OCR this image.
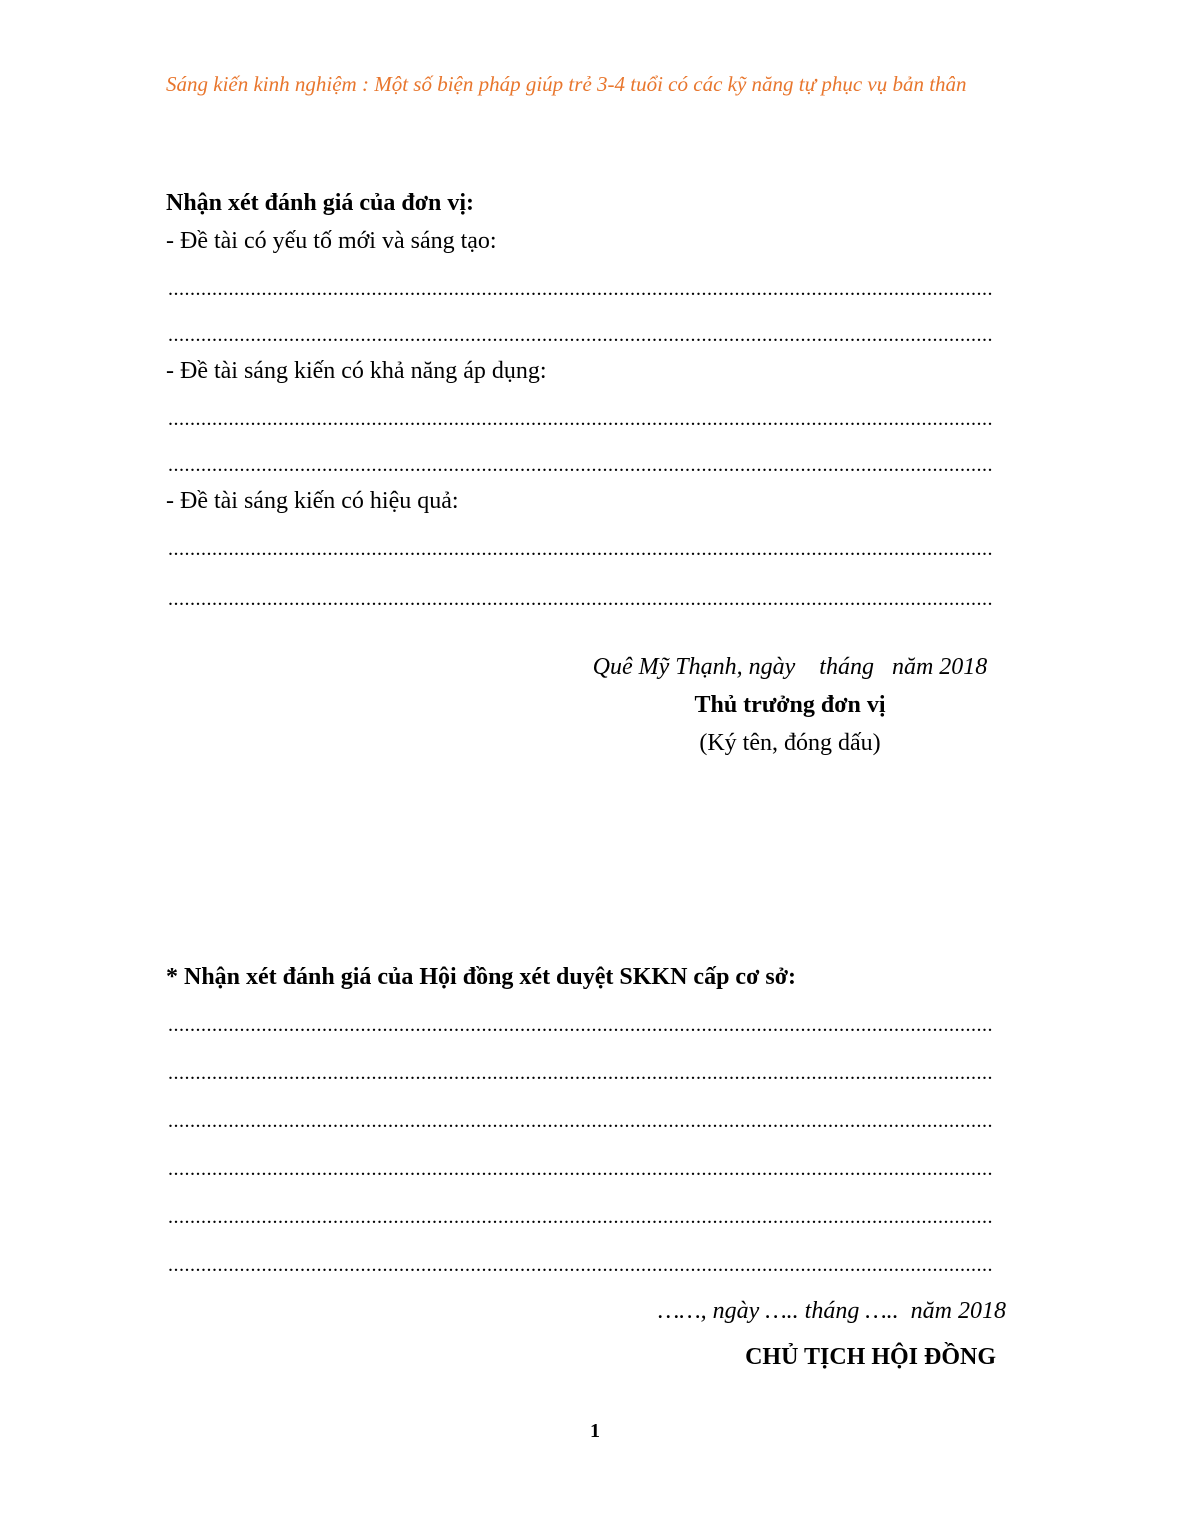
Sáng kiến kinh nghiệm : Một số biện pháp giúp trẻ 3-4 tuổi có các kỹ năng tự phục vụ bản thân
Nhận xét đánh giá của đơn vị:
- Đề tài có yếu tố mới và sáng tạo:
.....
.....
- Đề tài sáng kiến có khả năng áp dụng:
.....
.....
- Đề tài sáng kiến có hiệu quả:
.....
.....
Quê Mỹ Thạnh, ngày    tháng   năm 2018
Thủ trưởng đơn vị
(Ký tên, đóng dấu)
* Nhận xét đánh giá của Hội đồng xét duyệt SKKN cấp cơ sở:
.....
.....
.....
.....
.....
.....
……, ngày ….. tháng …..  năm 2018
CHỦ TỊCH HỘI ĐỒNG
1
